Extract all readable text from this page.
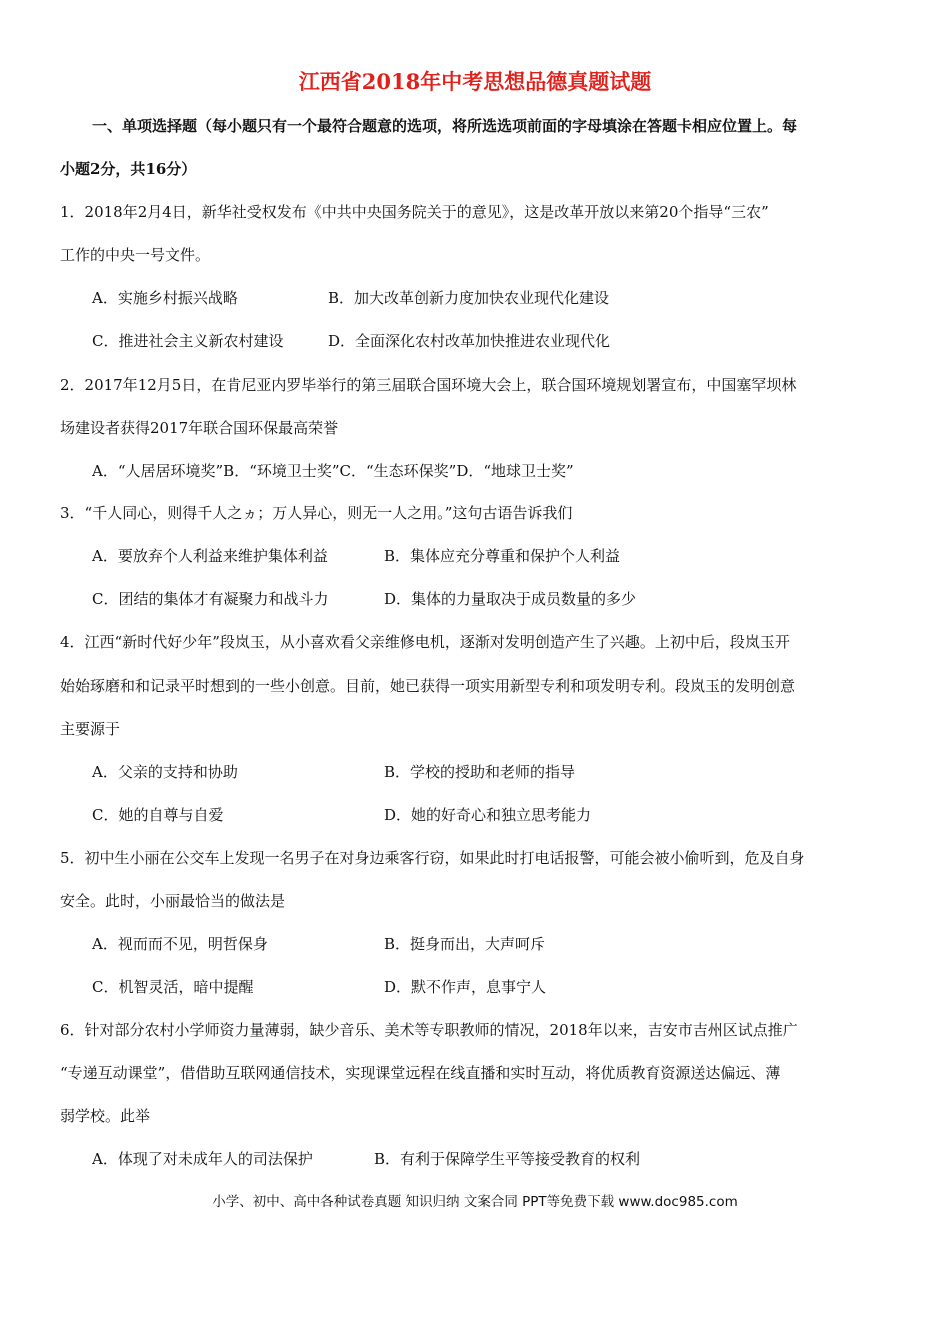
江西省2018年中考思想品德真题试题
一、单项选择题（每小题只有一个最符合题意的选项，将所选选项前面的字母填涂在答题卡相应位置上。每
小题2分，共16分）
1．2018年2月4日，新华社受权发布《中共中央国务院关于的意见》，这是改革开放以来第20个指导“三农”
工作的中央一号文件。
A．实施乡村振兴战略	B．加大改革创新力度加快农业现代化建设
C．推进社会主义新农村建设	D．全面深化农村改革加快推进农业现代化
2．2017年12月5日，在肯尼亚内罗毕举行的第三届联合国环境大会上，联合国环境规划署宣布，中国塞罕坝林
场建设者获得2017年联合国环保最高荣誉
A．“人居居环境奖”B．“环境卫士奖”C．“生态环保奖”D．“地球卫士奖”
3．“千人同心，则得千人之ヵ；万人异心，则无一人之用。”这句古语告诉我们
A．要放弃个人利益来维护集体利益	B．集体应充分尊重和保护个人利益
C．团结的集体才有凝聚力和战斗力	D．集体的力量取决于成员数量的多少
4．江西“新时代好少年”段岚玉，从小喜欢看父亲维修电机，逐渐对发明创造产生了兴趣。上初中后，段岚玉开
始始琢磨和和记录平时想到的一些小创意。目前，她已获得一项实用新型专利和项发明专利。段岚玉的发明创意
主要源于
A．父亲的支持和协助	B．学校的授助和老师的指导
C．她的自尊与自爱	D．她的好奇心和独立思考能力
5．初中生小丽在公交车上发现一名男子在对身边乘客行窃，如果此时打电话报警，可能会被小偷听到，危及自身
安全。此时，小丽最恰当的做法是
A．视而而不见，明哲保身	B．挺身而出，大声呵斥
C．机智灵活，暗中提醒	D．默不作声，息事宁人
6．针对部分农村小学师资力量薄弱，缺少音乐、美术等专职教师的情况，2018年以来，吉安市吉州区试点推广
“专递互动课堂”，借借助互联网通信技术，实现课堂远程在线直播和实时互动，将优质教育资源送达偏远、薄
弱学校。此举
A．体现了对未成年人的司法保护	B．有利于保障学生平等接受教育的权利
小学、初中、高中各种试卷真题 知识归纳 文案合同 PPT等免费下载 www.doc985.com
